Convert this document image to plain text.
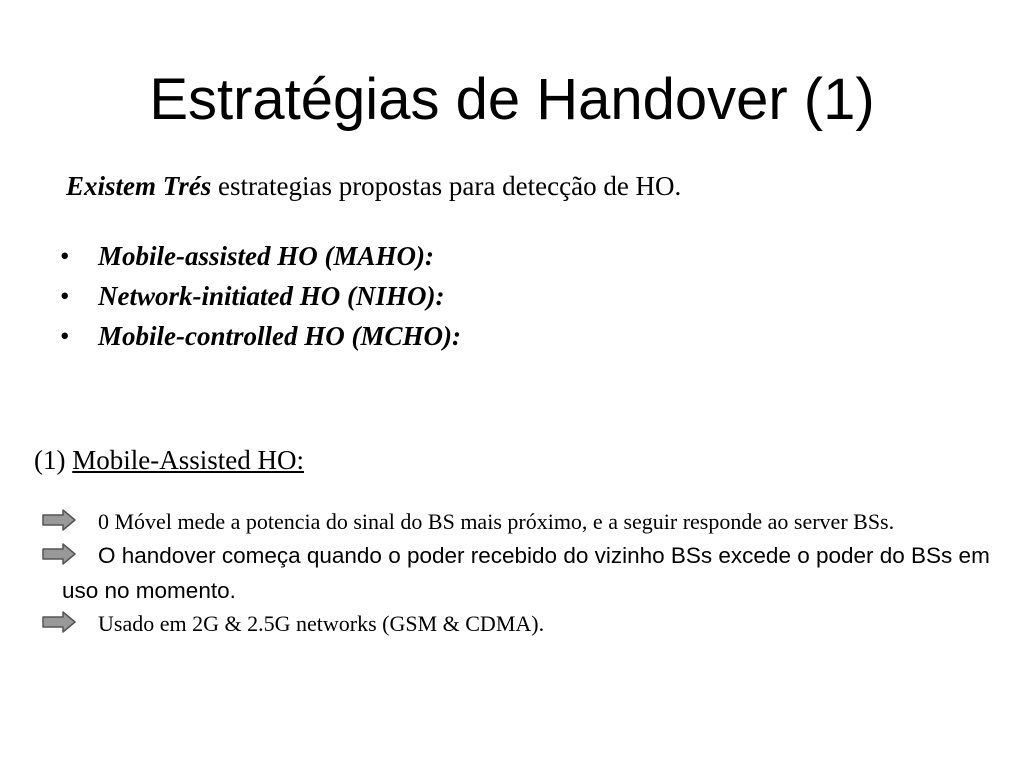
Estratégias de Handover (1)
Existem Trés estrategias propostas para detecção de HO.
• Mobile-assisted HO (MAHO):
• Network-initiated HO (NIHO):
• Mobile-controlled HO (MCHO):
(1) Mobile-Assisted HO:
0 Móvel mede a potencia do sinal do BS mais próximo, e a seguir responde ao server BSs.
O handover começa quando o poder recebido do vizinho BSs excede o poder do BSs em uso no momento.
Usado em 2G & 2.5G networks (GSM & CDMA).
